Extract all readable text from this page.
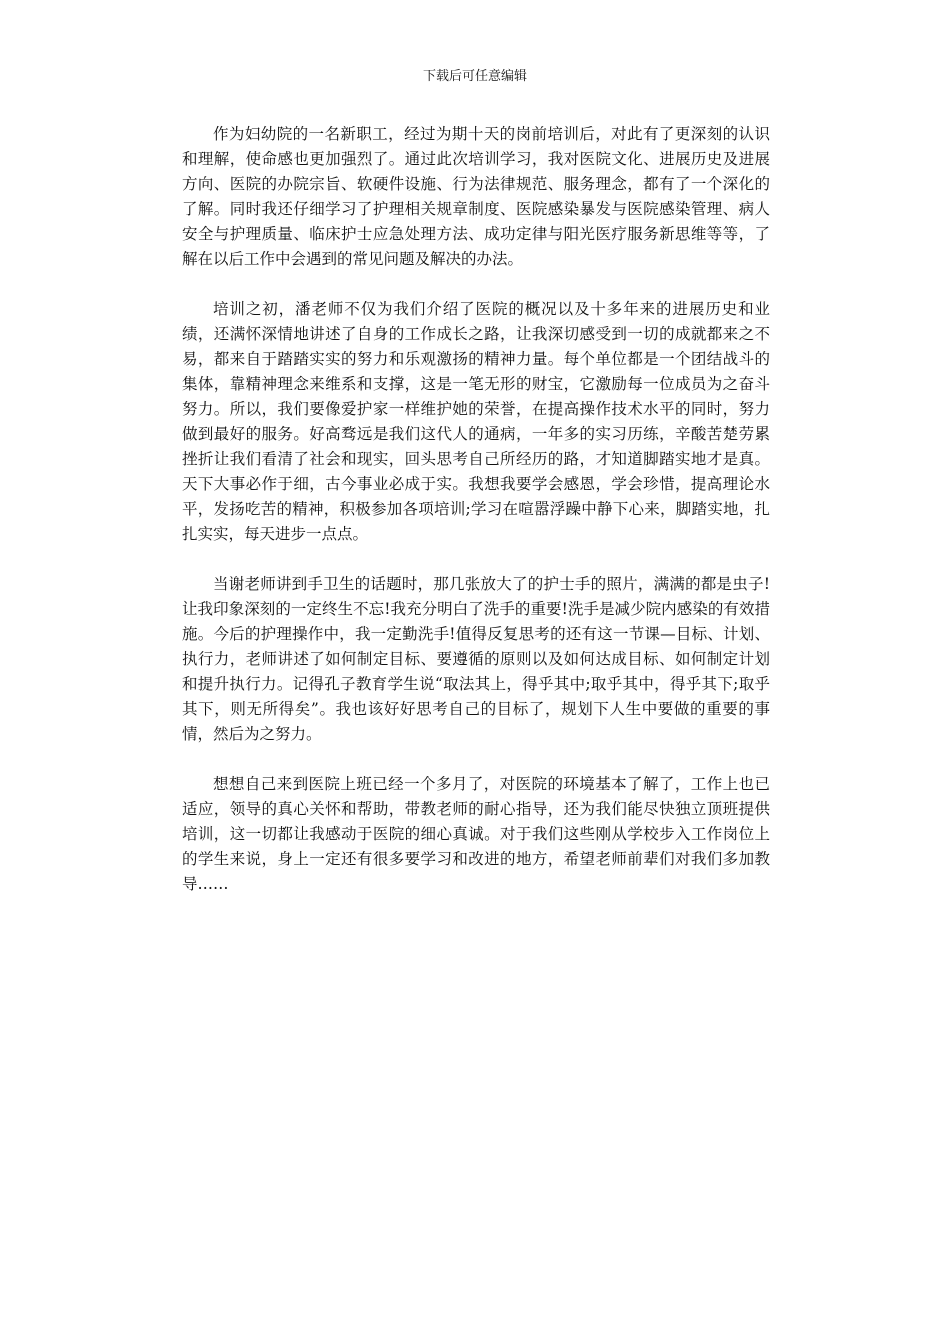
下载后可任意编辑

作为妇幼院的一名新职工，经过为期十天的岗前培训后，对此有了更深刻的认识和理解，使命感也更加强烈了。通过此次培训学习，我对医院文化、进展历史及进展方向、医院的办院宗旨、软硬件设施、行为法律规范、服务理念，都有了一个深化的了解。同时我还仔细学习了护理相关规章制度、医院感染暴发与医院感染管理、病人安全与护理质量、临床护士应急处理方法、成功定律与阳光医疗服务新思维等等，了解在以后工作中会遇到的常见问题及解决的办法。

培训之初，潘老师不仅为我们介绍了医院的概况以及十多年来的进展历史和业绩，还满怀深情地讲述了自身的工作成长之路，让我深切感受到一切的成就都来之不易，都来自于踏踏实实的努力和乐观激扬的精神力量。每个单位都是一个团结战斗的集体，靠精神理念来维系和支撑，这是一笔无形的财宝，它激励每一位成员为之奋斗努力。所以，我们要像爱护家一样维护她的荣誉，在提高操作技术水平的同时，努力做到最好的服务。好高骛远是我们这代人的通病，一年多的实习历练，辛酸苦楚劳累挫折让我们看清了社会和现实，回头思考自己所经历的路，才知道脚踏实地才是真。天下大事必作于细，古今事业必成于实。我想我要学会感恩，学会珍惜，提高理论水平，发扬吃苦的精神，积极参加各项培训;学习在喧嚣浮躁中静下心来，脚踏实地，扎扎实实，每天进步一点点。

当谢老师讲到手卫生的话题时，那几张放大了的护士手的照片，满满的都是虫子!让我印象深刻的一定终生不忘!我充分明白了洗手的重要!洗手是减少院内感染的有效措施。今后的护理操作中，我一定勤洗手!值得反复思考的还有这一节课—目标、计划、执行力，老师讲述了如何制定目标、要遵循的原则以及如何达成目标、如何制定计划和提升执行力。记得孔子教育学生说“取法其上，得乎其中;取乎其中，得乎其下;取乎其下，则无所得矣”。我也该好好思考自己的目标了，规划下人生中要做的重要的事情，然后为之努力。

想想自己来到医院上班已经一个多月了，对医院的环境基本了解了，工作上也已适应，领导的真心关怀和帮助，带教老师的耐心指导，还为我们能尽快独立顶班提供培训，这一切都让我感动于医院的细心真诚。对于我们这些刚从学校步入工作岗位上的学生来说，身上一定还有很多要学习和改进的地方，希望老师前辈们对我们多加教导……
